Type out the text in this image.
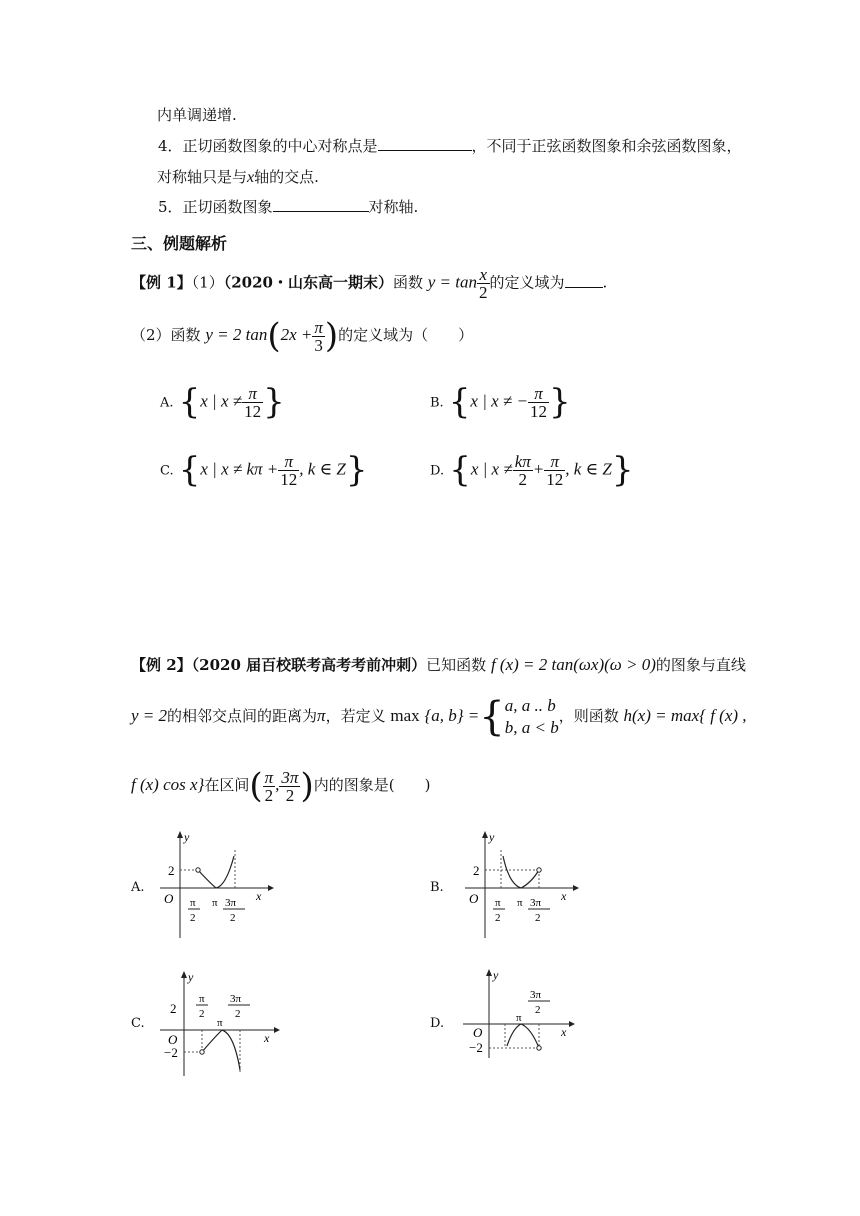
内单调递增.
4．正切函数图象的中心对称点是	，不同于正弦函数图象和余弦函数图象，
对称轴只是与x轴的交点.
5．正切函数图象	对称轴.
三、例题解析
【例 1】（1）（2020・山东高一期末）函数 $y = \tan \frac{x}{2}$ 的定义域为	.
（2）函数 y = 2 $\tan(2x + \frac{\pi}{3}$ )的定义域为（　　）
A. {x | $x \ne \frac{\pi}{12}$ }	B. {x | x ≠ − $\frac{\pi}{12}$ }
C. {x | $x \ne k\pi + \frac{\pi}{12}$ , k ∈ Z}	D. {x | $x \ne \frac{k\pi}{2} + \frac{\pi}{12}$ , k ∈ Z}
【例 2】（2020 届百校联考高考考前冲刺）已知函数 f (x) = 2 tan(ωx)(ω > 0)的图象与直线
y = 2的相邻交点间的距离为π，若定义 max {a, b} ={ a, a .. b
b, a < b
，则函数 h(x) = max{ f (x) ,
f (x) cos x}在区间( $\frac{\pi}{2}$ , $\frac{3\pi}{2}$ )内的图象是(　　)
A.	B.
C.	D.
2
y
O	x
π
2
π 3π
2
2
y
O	x
π
2
π 3π
2
2
−2
y
O	x
π
2
π
3π
2
−2
y
O	x
π
3π
2
